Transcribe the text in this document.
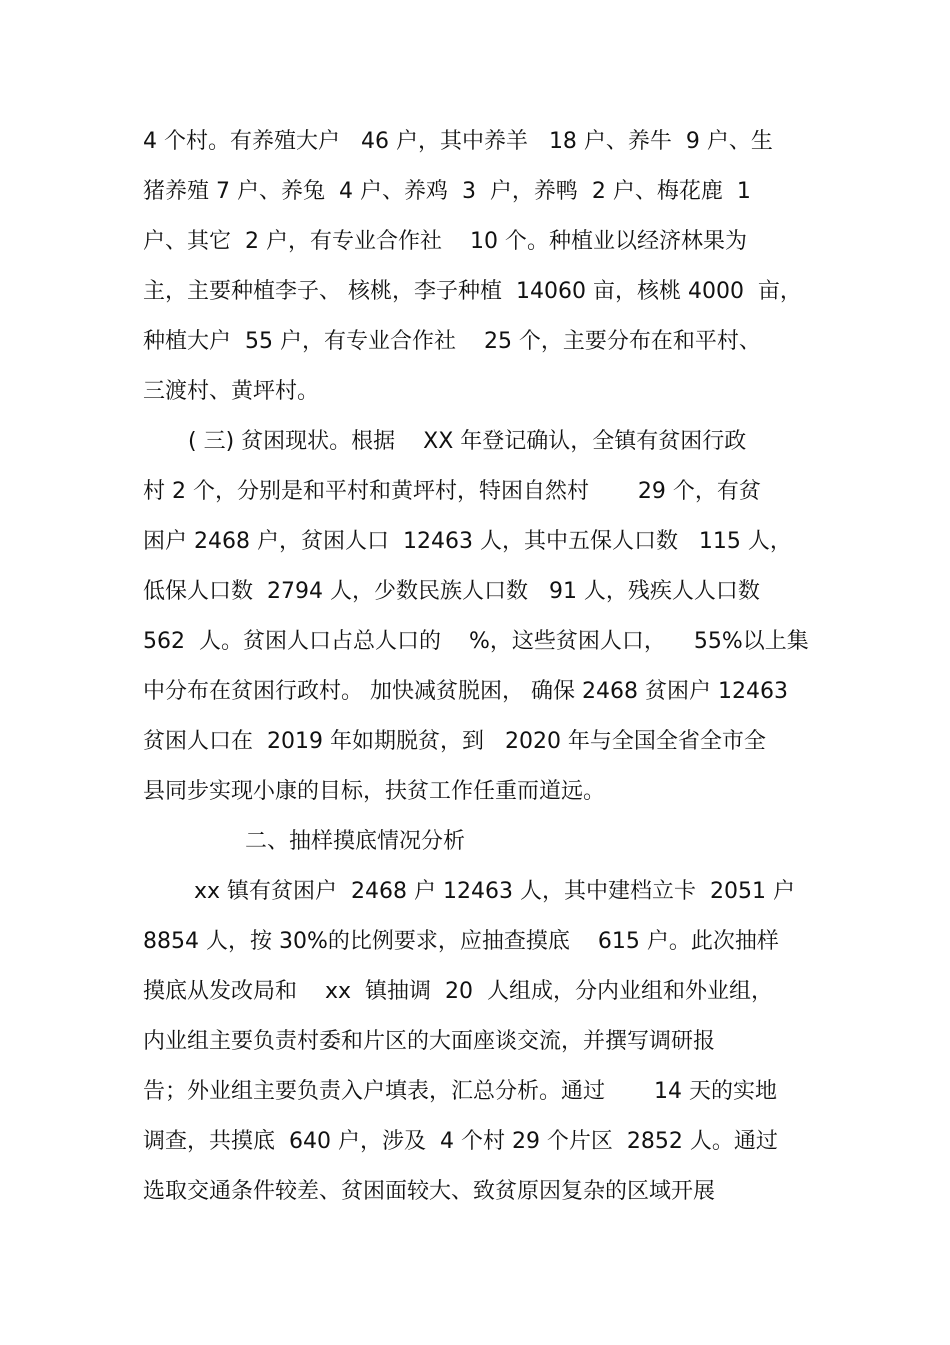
4 个村。有养殖大户   46 户，其中养羊   18 户、养牛  9 户、生
猪养殖 7 户、养兔  4 户、养鸡  3  户，养鸭  2 户、梅花鹿  1
户、其它  2 户，有专业合作社    10 个。种植业以经济林果为
主，主要种植李子、 核桃，李子种植  14060 亩，核桃 4000  亩，
种植大户  55 户，有专业合作社    25 个，主要分布在和平村、
三渡村、黄坪村。
( 三) 贫困现状。根据    XX 年登记确认，全镇有贫困行政
村 2 个，分别是和平村和黄坪村，特困自然村       29 个，有贫
困户 2468 户，贫困人口  12463 人，其中五保人口数   115 人，
低保人口数  2794 人，少数民族人口数   91 人，残疾人人口数
562  人。贫困人口占总人口的    %，这些贫困人口，    55%以上集
中分布在贫困行政村。 加快减贫脱困， 确保 2468 贫困户 12463
贫困人口在  2019 年如期脱贫，到   2020 年与全国全省全市全
县同步实现小康的目标，扶贫工作任重而道远。
二、抽样摸底情况分析
xx 镇有贫困户  2468 户 12463 人，其中建档立卡  2051 户
8854 人，按 30%的比例要求，应抽查摸底    615 户。此次抽样
摸底从发改局和    xx  镇抽调  20  人组成，分内业组和外业组，
内业组主要负责村委和片区的大面座谈交流，并撰写调研报
告；外业组主要负责入户填表，汇总分析。通过       14 天的实地
调查，共摸底  640 户，涉及  4 个村 29 个片区  2852 人。通过
选取交通条件较差、贫困面较大、致贫原因复杂的区域开展
